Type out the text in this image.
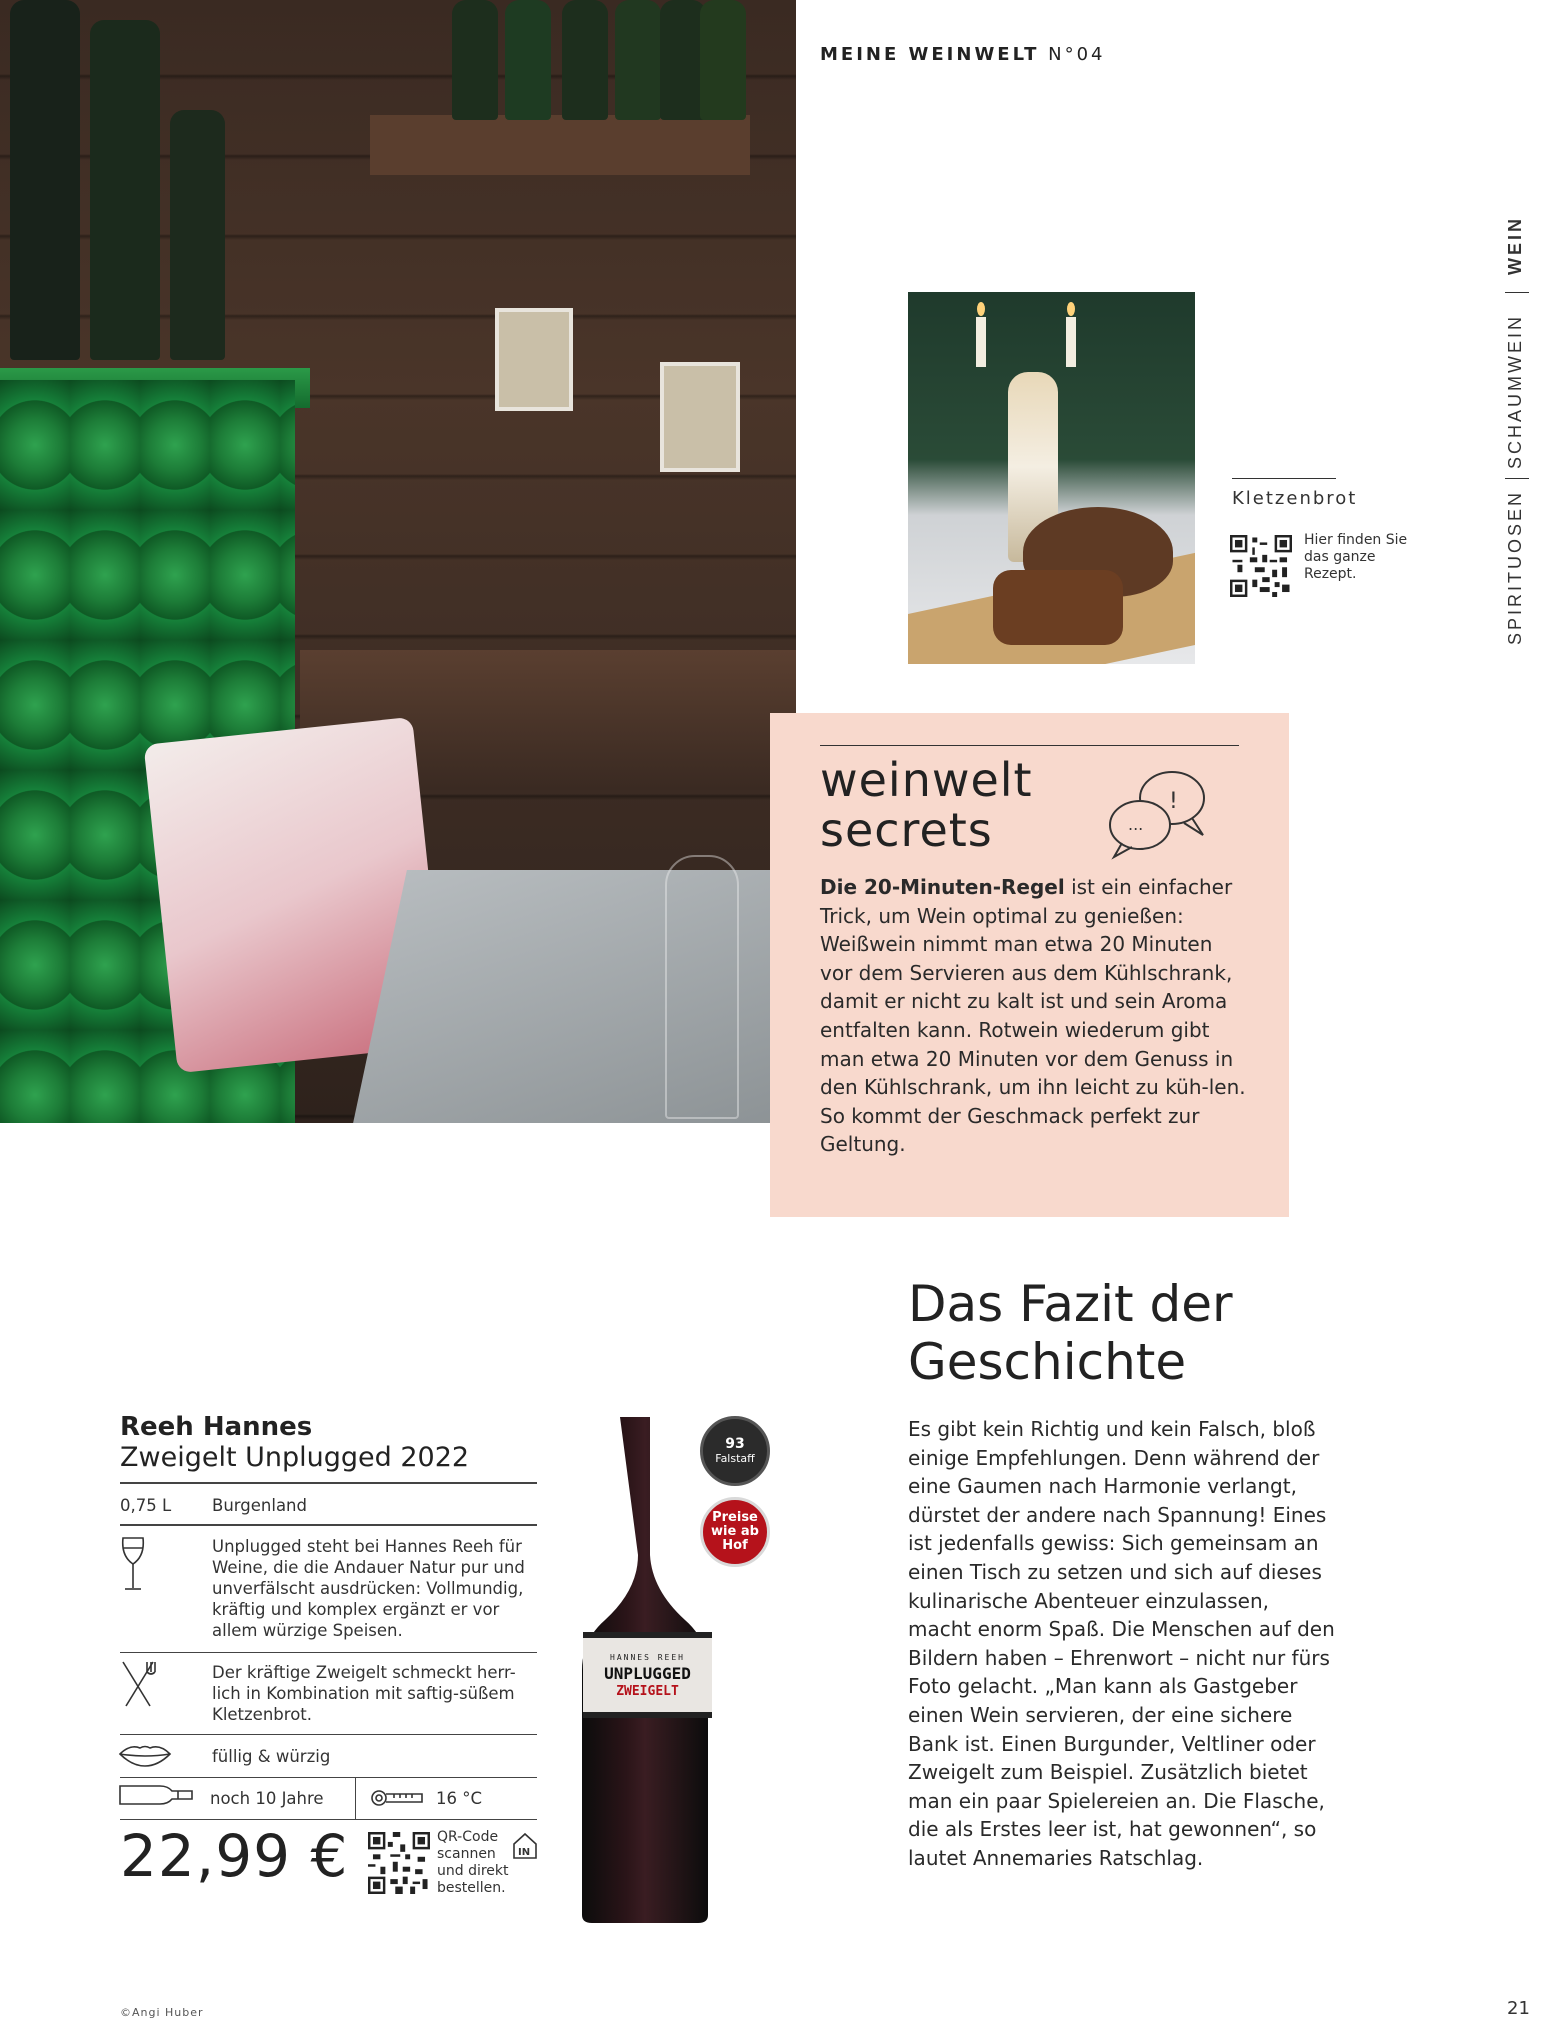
MEINE WEINWELT N°04
WEIN
SCHAUMWEIN
SPIRITUOSEN
Kletzenbrot
Hier finden Sie das ganze Rezept.
weinwelt
secrets
!
...
Die 20-Minuten-Regel ist ein einfacher Trick, um Wein optimal zu genießen: Weißwein nimmt man etwa 20 Minuten vor dem Servieren aus dem Kühlschrank, damit er nicht zu kalt ist und sein Aroma entfalten kann. Rotwein wiederum gibt man etwa 20 Minuten vor dem Genuss in den Kühlschrank, um ihn leicht zu küh-len. So kommt der Geschmack perfekt zur Geltung.
Reeh Hannes
Zweigelt Unplugged 2022
0,75 L Burgenland
Unplugged steht bei Hannes Reeh für Weine, die die Andauer Natur pur und unverfälscht ausdrücken: Vollmundig, kräftig und komplex ergänzt er vor allem würzige Speisen.
Der kräftige Zweigelt schmeckt herr-lich in Kombination mit saftig-süßem Kletzenbrot.
füllig & würzig
noch 10 Jahre	16 °C
22,99 €	QR-Code scannen und direkt bestellen.
IN
HANNES REEH
UNPLUGGED
ZWEIGELT
93
Falstaff
Preise wie ab Hof
Das Fazit der Geschichte
Es gibt kein Richtig und kein Falsch, bloß einige Empfehlungen. Denn während der eine Gaumen nach Harmonie verlangt, dürstet der andere nach Spannung! Eines ist jedenfalls gewiss: Sich gemeinsam an einen Tisch zu setzen und sich auf dieses kulinarische Abenteuer einzulassen, macht enorm Spaß. Die Menschen auf den Bildern haben – Ehrenwort – nicht nur fürs Foto gelacht. „Man kann als Gastgeber einen Wein servieren, der eine sichere Bank ist. Einen Burgunder, Veltliner oder Zweigelt zum Beispiel. Zusätzlich bietet man ein paar Spielereien an. Die Flasche, die als Erstes leer ist, hat gewonnen“, so lautet Annemaries Ratschlag.
©Angi Huber	21
